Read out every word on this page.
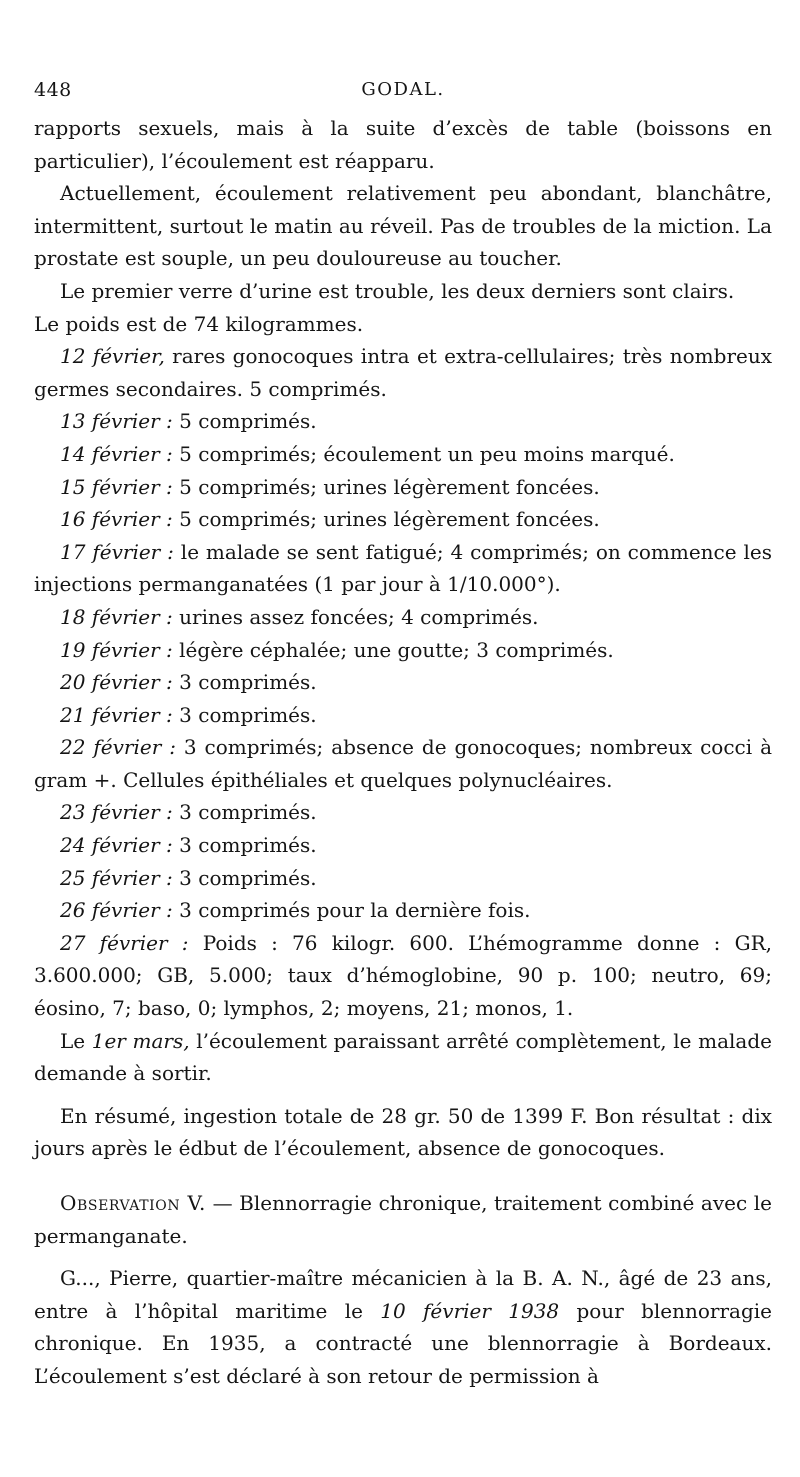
448	GODAL.

rapports sexuels, mais à la suite d’excès de table (boissons en particulier), l’écoulement est réapparu.

Actuellement, écoulement relativement peu abondant, blanchâtre, intermittent, surtout le matin au réveil. Pas de troubles de la miction. La prostate est souple, un peu douloureuse au toucher.

Le premier verre d’urine est trouble, les deux derniers sont clairs.

Le poids est de 74 kilogrammes.

12 février, rares gonocoques intra et extra-cellulaires; très nombreux germes secondaires. 5 comprimés.

13 février : 5 comprimés.

14 février : 5 comprimés; écoulement un peu moins marqué.

15 février : 5 comprimés; urines légèrement foncées.

16 février : 5 comprimés; urines légèrement foncées.

17 février : le malade se sent fatigué; 4 comprimés; on commence les injections permanganatées (1 par jour à 1/10.000°).

18 février : urines assez foncées; 4 comprimés.

19 février : légère céphalée; une goutte; 3 comprimés.

20 février : 3 comprimés.

21 février : 3 comprimés.

22 février : 3 comprimés; absence de gonocoques; nombreux cocci à gram +. Cellules épithéliales et quelques polynucléaires.

23 février : 3 comprimés.

24 février : 3 comprimés.

25 février : 3 comprimés.

26 février : 3 comprimés pour la dernière fois.

27 février : Poids : 76 kilogr. 600. L’hémogramme donne : GR, 3.600.000; GB, 5.000; taux d’hémoglobine, 90 p. 100; neutro, 69; éosino, 7; baso, 0; lymphos, 2; moyens, 21; monos, 1.

Le 1er mars, l’écoulement paraissant arrêté complètement, le malade demande à sortir.

En résumé, ingestion totale de 28 gr. 50 de 1399 F. Bon résultat : dix jours après le édbut de l’écoulement, absence de gonocoques.

Observation V. — Blennorragie chronique, traitement combiné avec le permanganate.

G..., Pierre, quartier-maître mécanicien à la B. A. N., âgé de 23 ans, entre à l’hôpital maritime le 10 février 1938 pour blennorragie chronique. En 1935, a contracté une blennorragie à Bordeaux. L’écoulement s’est déclaré à son retour de permission à
